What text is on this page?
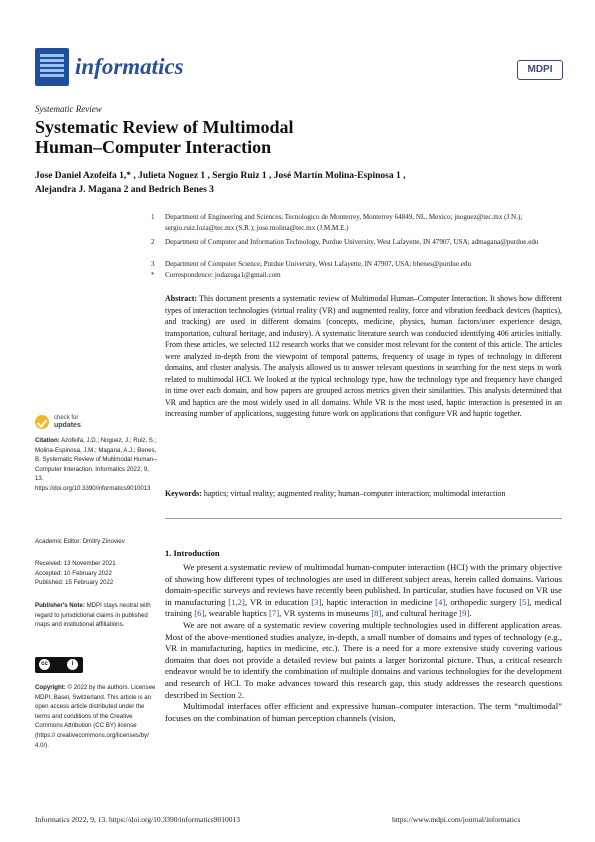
informatics	MDPI
Systematic Review
Systematic Review of Multimodal
Human–Computer Interaction
Jose Daniel Azofeifa 1,* , Julieta Noguez 1 , Sergio Ruiz 1 , José Martín Molina-Espinosa 1 ,
Alejandra J. Magana 2 and Bedrich Benes 3
1 Department of Engineering and Sciences, Tecnologico de Monterrey, Monterrey 64849, NL, Mexico; jnoguez@tec.mx (J.N.); sergio.ruiz.loza@tec.mx (S.R.); jose.molina@tec.mx (J.M.M.E.)
2 Department of Computer and Information Technology, Purdue University, West Lafayette, IN 47907, USA; admagana@purdue.edu
3 Department of Computer Science, Purdue University, West Lafayette, IN 47907, USA; bbenes@purdue.edu
* Correspondence: jodazuga1@gmail.com
Abstract: This document presents a systematic review of Multimodal Human–Computer Interaction. It shows how different types of interaction technologies (virtual reality (VR) and augmented reality, force and vibration feedback devices (haptics), and tracking) are used in different domains (concepts, medicine, physics, human factors/user experience design, transportation, cultural heritage, and industry). A systematic literature search was conducted identifying 406 articles initially. From these articles, we selected 112 research works that we consider most relevant for the content of this article. The articles were analyzed in-depth from the viewpoint of temporal patterns, frequency of usage in types of technology in different domains, and cluster analysis. The analysis allowed us to answer relevant questions in searching for the next steps in work related to multimodal HCI. We looked at the typical technology type, how the technology type and frequency have changed in time over each domain, and how papers are grouped across metrics given their similarities. This analysis determined that VR and haptics are the most widely used in all domains. While VR is the most used, haptic interaction is presented in an increasing number of applications, suggesting future work on applications that configure VR and haptic together.
Keywords: haptics; virtual reality; augmented reality; human–computer interaction; multimodal interaction
check for
updates
Citation: Azofeifa, J.D.; Noguez, J.; Ruiz, S.; Molina-Espinosa, J.M.; Magana, A.J.; Benes, B. Systematic Review of Multimodal Human–Computer Interaction. Informatics 2022, 9, 13. https://doi.org/10.3390/informatics9010013
Academic Editor: Dmitry Zinoviev
Received: 13 November 2021
Accepted: 10 February 2022
Published: 15 February 2022
Publisher's Note: MDPI stays neutral with regard to jurisdictional claims in published maps and institutional affiliations.
cc	i
Copyright: © 2022 by the authors. Licensee MDPI, Basel, Switzerland. This article is an open access article distributed under the terms and conditions of the Creative Commons Attribution (CC BY) license (https:// creativecommons.org/licenses/by/ 4.0/).
1. Introduction

We present a systematic review of multimodal human-computer interaction (HCI) with the primary objective of showing how different types of technologies are used in different subject areas, herein called domains. Various domain-specific surveys and reviews have recently been published. In particular, studies have focused on VR use in manufacturing [1,2], VR in education [3], haptic interaction in medicine [4], orthopedic surgery [5], medical training [6], wearable haptics [7], VR systems in museums [8], and cultural heritage [9].

We are not aware of a systematic review covering multiple technologies used in different application areas. Most of the above-mentioned studies analyze, in-depth, a small number of domains and types of technology (e.g., VR in manufacturing, haptics in medicine, etc.). There is a need for a more extensive study covering various domains that does not provide a detailed review but paints a larger horizontal picture. Thus, a critical research endeavor would be to identify the combination of multiple domains and various technologies for the development and research of HCI. To make advances toward this research gap, this study addresses the research questions described in Section 2.

Multimodal interfaces offer efficient and expressive human–computer interaction. The term “multimodal” focuses on the combination of human perception channels (vision,

Informatics 2022, 9, 13. https://doi.org/10.3390/informatics9010013	https://www.mdpi.com/journal/informatics
